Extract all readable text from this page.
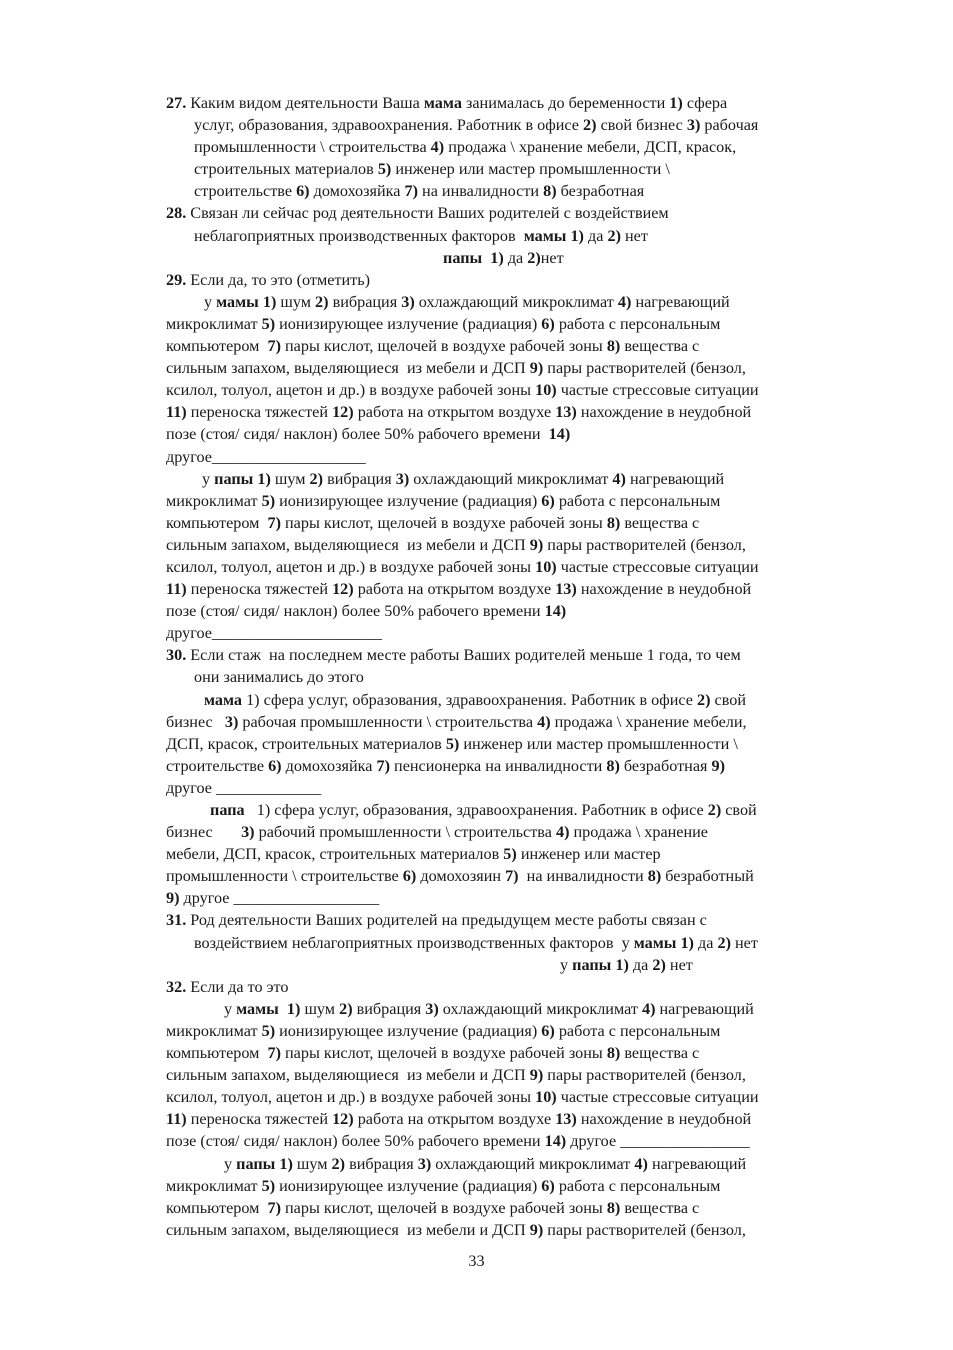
27. Каким видом деятельности Ваша мама занималась до беременности 1) сфера
услуг, образования, здравоохранения. Работник в офисе 2) свой бизнес 3) рабочая
промышленности \ строительства 4) продажа \ хранение мебели, ДСП, красок,
строительных материалов 5) инженер или мастер промышленности \
строительстве 6) домохозяйка 7) на инвалидности 8) безработная
28. Связан ли сейчас род деятельности Ваших родителей с воздействием
неблагоприятных производственных факторов  мамы 1) да 2) нет
папы  1) да 2)нет
29. Если да, то это (отметить)
у мамы 1) шум 2) вибрация 3) охлаждающий микроклимат 4) нагревающий
микроклимат 5) ионизирующее излучение (радиация) 6) работа с персональным
компьютером  7) пары кислот, щелочей в воздухе рабочей зоны 8) вещества с
сильным запахом, выделяющиеся  из мебели и ДСП 9) пары растворителей (бензол,
ксилол, толуол, ацетон и др.) в воздухе рабочей зоны 10) частые стрессовые ситуации
11) переноска тяжестей 12) работа на открытом воздухе 13) нахождение в неудобной
позе (стоя/ сидя/ наклон) более 50% рабочего времени  14)
другое___________________
у папы 1) шум 2) вибрация 3) охлаждающий микроклимат 4) нагревающий
микроклимат 5) ионизирующее излучение (радиация) 6) работа с персональным
компьютером  7) пары кислот, щелочей в воздухе рабочей зоны 8) вещества с
сильным запахом, выделяющиеся  из мебели и ДСП 9) пары растворителей (бензол,
ксилол, толуол, ацетон и др.) в воздухе рабочей зоны 10) частые стрессовые ситуации
11) переноска тяжестей 12) работа на открытом воздухе 13) нахождение в неудобной
позе (стоя/ сидя/ наклон) более 50% рабочего времени 14)
другое_____________________
30. Если стаж  на последнем месте работы Ваших родителей меньше 1 года, то чем
они занимались до этого
мама 1) сфера услуг, образования, здравоохранения. Работник в офисе 2) свой
бизнес   3) рабочая промышленности \ строительства 4) продажа \ хранение мебели,
ДСП, красок, строительных материалов 5) инженер или мастер промышленности \
строительстве 6) домохозяйка 7) пенсионерка на инвалидности 8) безработная 9)
другое _____________
папа   1) сфера услуг, образования, здравоохранения. Работник в офисе 2) свой
бизнес       3) рабочий промышленности \ строительства 4) продажа \ хранение
мебели, ДСП, красок, строительных материалов 5) инженер или мастер
промышленности \ строительстве 6) домохозяин 7)  на инвалидности 8) безработный
9) другое __________________
31. Род деятельности Ваших родителей на предыдущем месте работы связан с
воздействием неблагоприятных производственных факторов  у мамы 1) да 2) нет
у папы 1) да 2) нет
32. Если да то это
у мамы  1) шум 2) вибрация 3) охлаждающий микроклимат 4) нагревающий
микроклимат 5) ионизирующее излучение (радиация) 6) работа с персональным
компьютером  7) пары кислот, щелочей в воздухе рабочей зоны 8) вещества с
сильным запахом, выделяющиеся  из мебели и ДСП 9) пары растворителей (бензол,
ксилол, толуол, ацетон и др.) в воздухе рабочей зоны 10) частые стрессовые ситуации
11) переноска тяжестей 12) работа на открытом воздухе 13) нахождение в неудобной
позе (стоя/ сидя/ наклон) более 50% рабочего времени 14) другое ________________
у папы 1) шум 2) вибрация 3) охлаждающий микроклимат 4) нагревающий
микроклимат 5) ионизирующее излучение (радиация) 6) работа с персональным
компьютером  7) пары кислот, щелочей в воздухе рабочей зоны 8) вещества с
сильным запахом, выделяющиеся  из мебели и ДСП 9) пары растворителей (бензол,
33
